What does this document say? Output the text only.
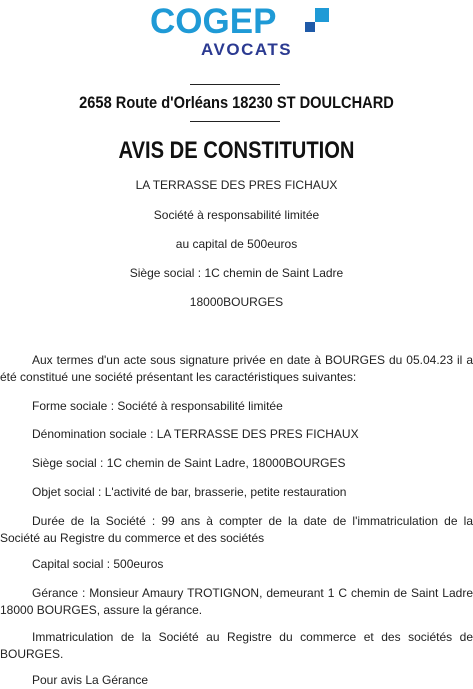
COGEP
AVOCATS
2658 Route d'Orléans 18230 ST DOULCHARD
AVIS DE CONSTITUTION
LA TERRASSE DES PRES FICHAUX
Société à responsabilité limitée
au capital de 500euros
Siège social : 1C chemin de Saint Ladre
18000BOURGES
Aux termes d'un acte sous signature privée en date à BOURGES du 05.04.23 il a été constitué une société présentant les caractéristiques suivantes:
Forme sociale : Société à responsabilité limitée
Dénomination sociale : LA TERRASSE DES PRES FICHAUX
Siège social : 1C chemin de Saint Ladre, 18000BOURGES
Objet social : L'activité de bar, brasserie, petite restauration
Durée de la Société : 99 ans à compter de la date de l'immatriculation de la Société au Registre du commerce et des sociétés
Capital social : 500euros
Gérance : Monsieur Amaury TROTIGNON, demeurant 1 C chemin de Saint Ladre 18000 BOURGES, assure la gérance.
Immatriculation de la Société au Registre du commerce et des sociétés de BOURGES.
Pour avis La Gérance
